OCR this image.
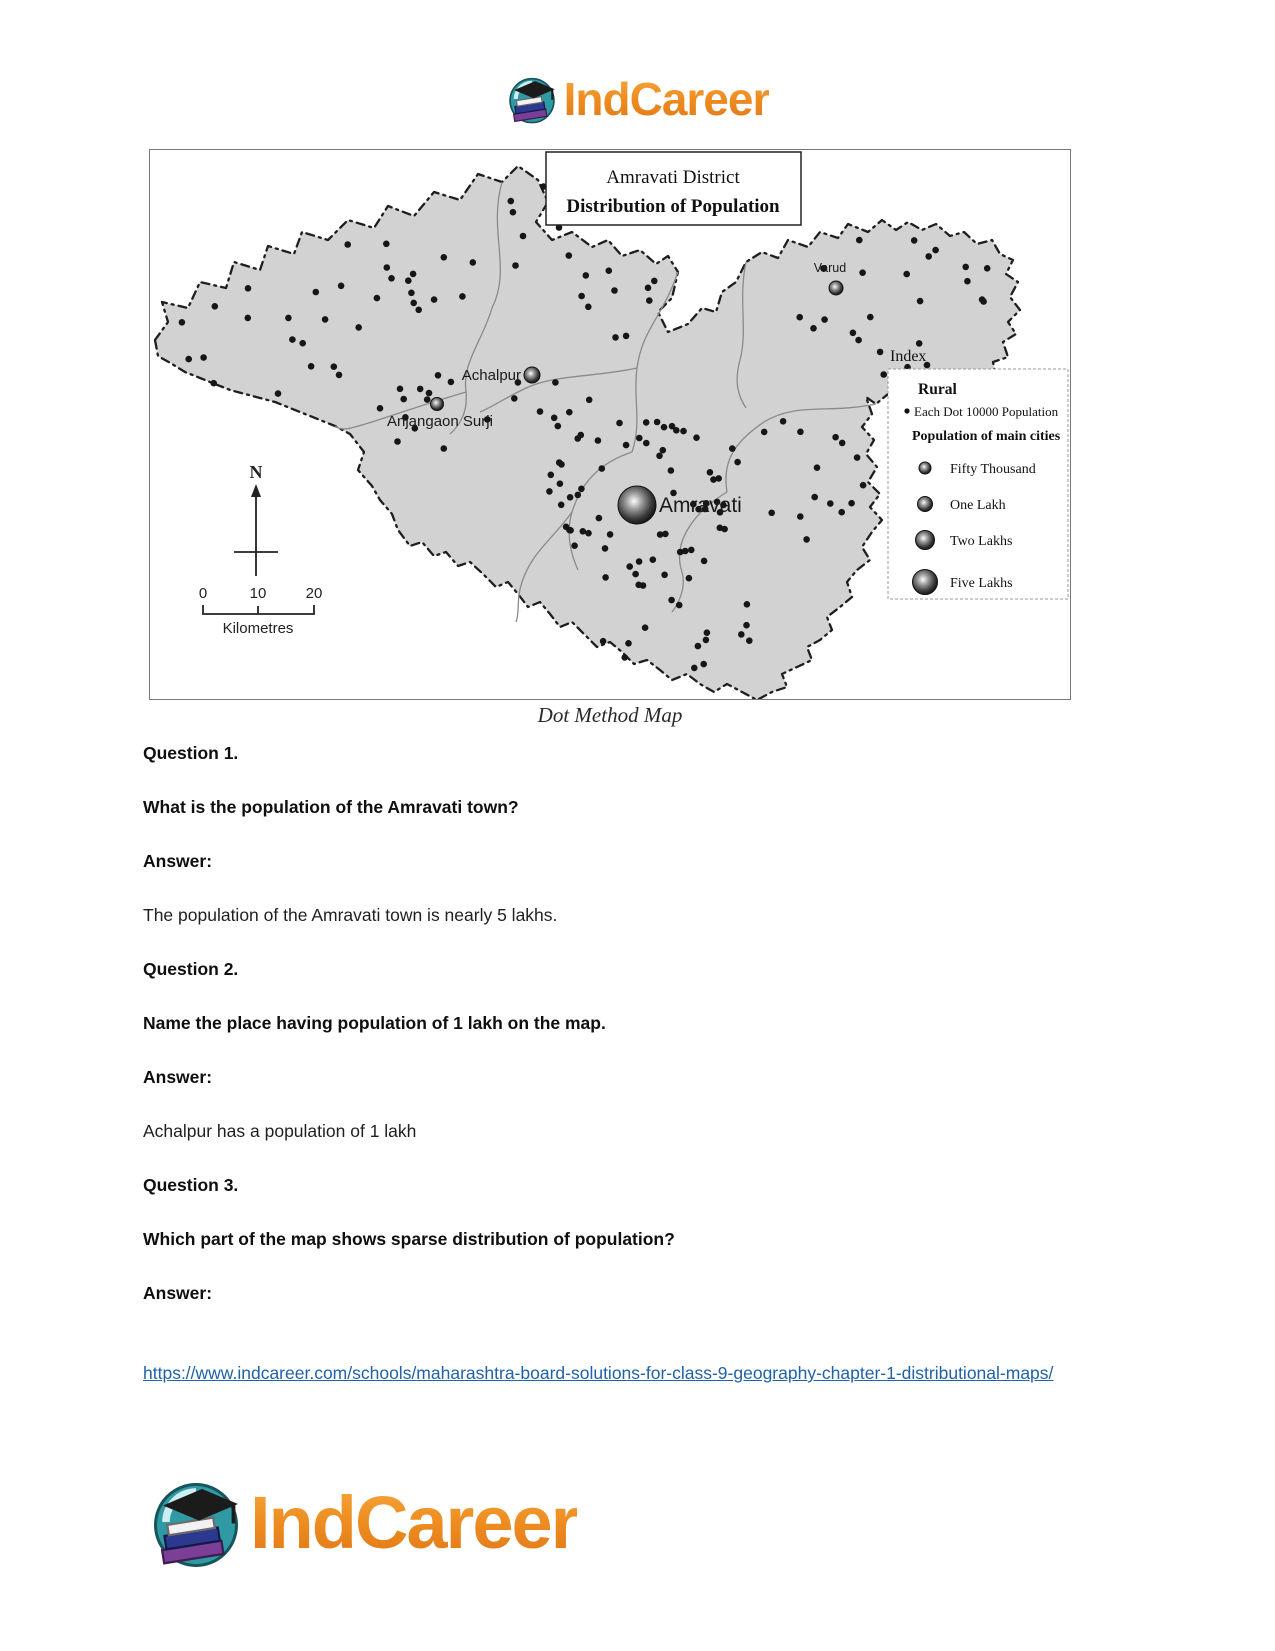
IndCareer
Varud
Achalpur
Anjangaon Surji
Amravati
N
0	10	20
Kilometres
Amravati District
Distribution of Population
Index
Rural
Each Dot 10000 Population
Population of main cities
Fifty Thousand
One Lakh
Two Lakhs
Five Lakhs
Dot Method Map

Question 1.

What is the population of the Amravati town?

Answer:

The population of the Amravati town is nearly 5 lakhs.

Question 2.

Name the place having population of 1 lakh on the map.

Answer:

Achalpur has a population of 1 lakh

Question 3.

Which part of the map shows sparse distribution of population?

Answer:

https://www.indcareer.com/schools/maharashtra-board-solutions-for-class-9-geography-chapter-1-distributional-maps/

IndCareer
